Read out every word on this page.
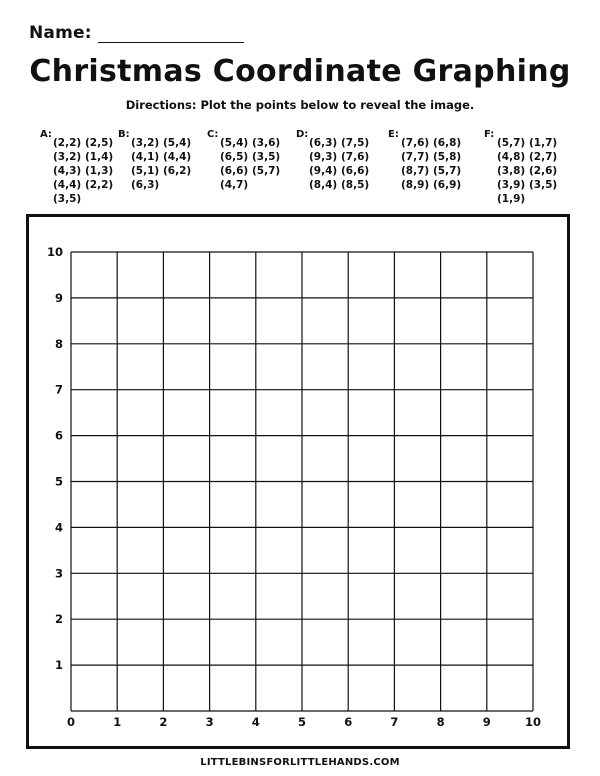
Name:
Christmas Coordinate Graphing
Directions: Plot the points below to reveal the image.
A:
(2,2) (2,5)
(3,2) (1,4)
(4,3) (1,3)
(4,4) (2,2)
(3,5)
B:
(3,2) (5,4)
(4,1) (4,4)
(5,1) (6,2)
(6,3)
C:
(5,4) (3,6)
(6,5) (3,5)
(6,6) (5,7)
(4,7)
D:
(6,3) (7,5)
(9,3) (7,6)
(9,4) (6,6)
(8,4) (8,5)
E:
(7,6) (6,8)
(7,7) (5,8)
(8,7) (5,7)
(8,9) (6,9)
F:
(5,7) (1,7)
(4,8) (2,7)
(3,8) (2,6)
(3,9) (3,5)
(1,9)
0	1	2	3	4	5	6	7	8	9	10
1
2
3
4
5
6
7
8
9
10
LITTLEBINSFORLITTLEHANDS.COM
